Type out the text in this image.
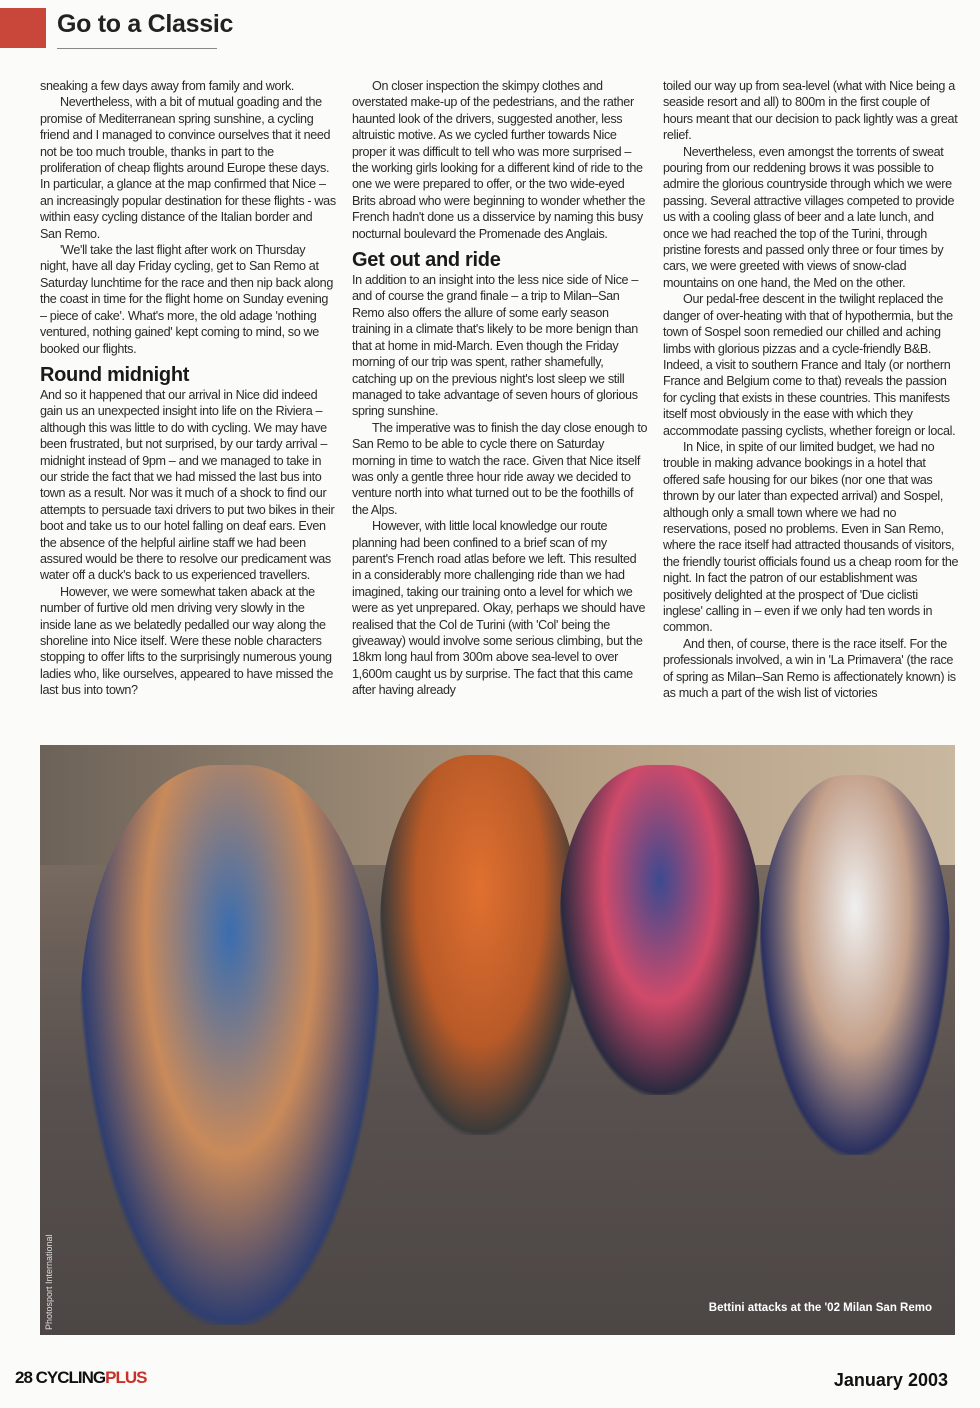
Go to a Classic

sneaking a few days away from family and work.

Nevertheless, with a bit of mutual goading and the promise of Mediterranean spring sunshine, a cycling friend and I managed to convince ourselves that it need not be too much trouble, thanks in part to the proliferation of cheap flights around Europe these days. In particular, a glance at the map confirmed that Nice – an increasingly popular destination for these flights - was within easy cycling distance of the Italian border and San Remo.

'We'll take the last flight after work on Thursday night, have all day Friday cycling, get to San Remo at Saturday lunchtime for the race and then nip back along the coast in time for the flight home on Sunday evening – piece of cake'. What's more, the old adage 'nothing ventured, nothing gained' kept coming to mind, so we booked our flights.

Round midnight

And so it happened that our arrival in Nice did indeed gain us an unexpected insight into life on the Riviera – although this was little to do with cycling. We may have been frustrated, but not surprised, by our tardy arrival – midnight instead of 9pm – and we managed to take in our stride the fact that we had missed the last bus into town as a result. Nor was it much of a shock to find our attempts to persuade taxi drivers to put two bikes in their boot and take us to our hotel falling on deaf ears. Even the absence of the helpful airline staff we had been assured would be there to resolve our predicament was water off a duck's back to us experienced travellers.

However, we were somewhat taken aback at the number of furtive old men driving very slowly in the inside lane as we belatedly pedalled our way along the shoreline into Nice itself. Were these noble characters stopping to offer lifts to the surprisingly numerous young ladies who, like ourselves, appeared to have missed the last bus into town?

On closer inspection the skimpy clothes and overstated make-up of the pedestrians, and the rather haunted look of the drivers, suggested another, less altruistic motive. As we cycled further towards Nice proper it was difficult to tell who was more surprised – the working girls looking for a different kind of ride to the one we were prepared to offer, or the two wide-eyed Brits abroad who were beginning to wonder whether the French hadn't done us a disservice by naming this busy nocturnal boulevard the Promenade des Anglais.

Get out and ride

In addition to an insight into the less nice side of Nice – and of course the grand finale – a trip to Milan–San Remo also offers the allure of some early season training in a climate that's likely to be more benign than that at home in mid-March. Even though the Friday morning of our trip was spent, rather shamefully, catching up on the previous night's lost sleep we still managed to take advantage of seven hours of glorious spring sunshine.

The imperative was to finish the day close enough to San Remo to be able to cycle there on Saturday morning in time to watch the race. Given that Nice itself was only a gentle three hour ride away we decided to venture north into what turned out to be the foothills of the Alps.

However, with little local knowledge our route planning had been confined to a brief scan of my parent's French road atlas before we left. This resulted in a considerably more challenging ride than we had imagined, taking our training onto a level for which we were as yet unprepared. Okay, perhaps we should have realised that the Col de Turini (with 'Col' being the giveaway) would involve some serious climbing, but the 18km long haul from 300m above sea-level to over 1,600m caught us by surprise. The fact that this came after having already

toiled our way up from sea-level (what with Nice being a seaside resort and all) to 800m in the first couple of hours meant that our decision to pack lightly was a great relief.

Nevertheless, even amongst the torrents of sweat pouring from our reddening brows it was possible to admire the glorious countryside through which we were passing. Several attractive villages competed to provide us with a cooling glass of beer and a late lunch, and once we had reached the top of the Turini, through pristine forests and passed only three or four times by cars, we were greeted with views of snow-clad mountains on one hand, the Med on the other.

Our pedal-free descent in the twilight replaced the danger of over-heating with that of hypothermia, but the town of Sospel soon remedied our chilled and aching limbs with glorious pizzas and a cycle-friendly B&B. Indeed, a visit to southern France and Italy (or northern France and Belgium come to that) reveals the passion for cycling that exists in these countries. This manifests itself most obviously in the ease with which they accommodate passing cyclists, whether foreign or local.

In Nice, in spite of our limited budget, we had no trouble in making advance bookings in a hotel that offered safe housing for our bikes (nor one that was thrown by our later than expected arrival) and Sospel, although only a small town where we had no reservations, posed no problems. Even in San Remo, where the race itself had attracted thousands of visitors, the friendly tourist officials found us a cheap room for the night. In fact the patron of our establishment was positively delighted at the prospect of 'Due ciclisti inglese' calling in – even if we only had ten words in common.

And then, of course, there is the race itself. For the professionals involved, a win in 'La Primavera' (the race of spring as Milan–San Remo is affectionately known) is as much a part of the wish list of victories

Photosport International	Bettini attacks at the '02 Milan San Remo
28 CYCLINGPLUS	January 2003
